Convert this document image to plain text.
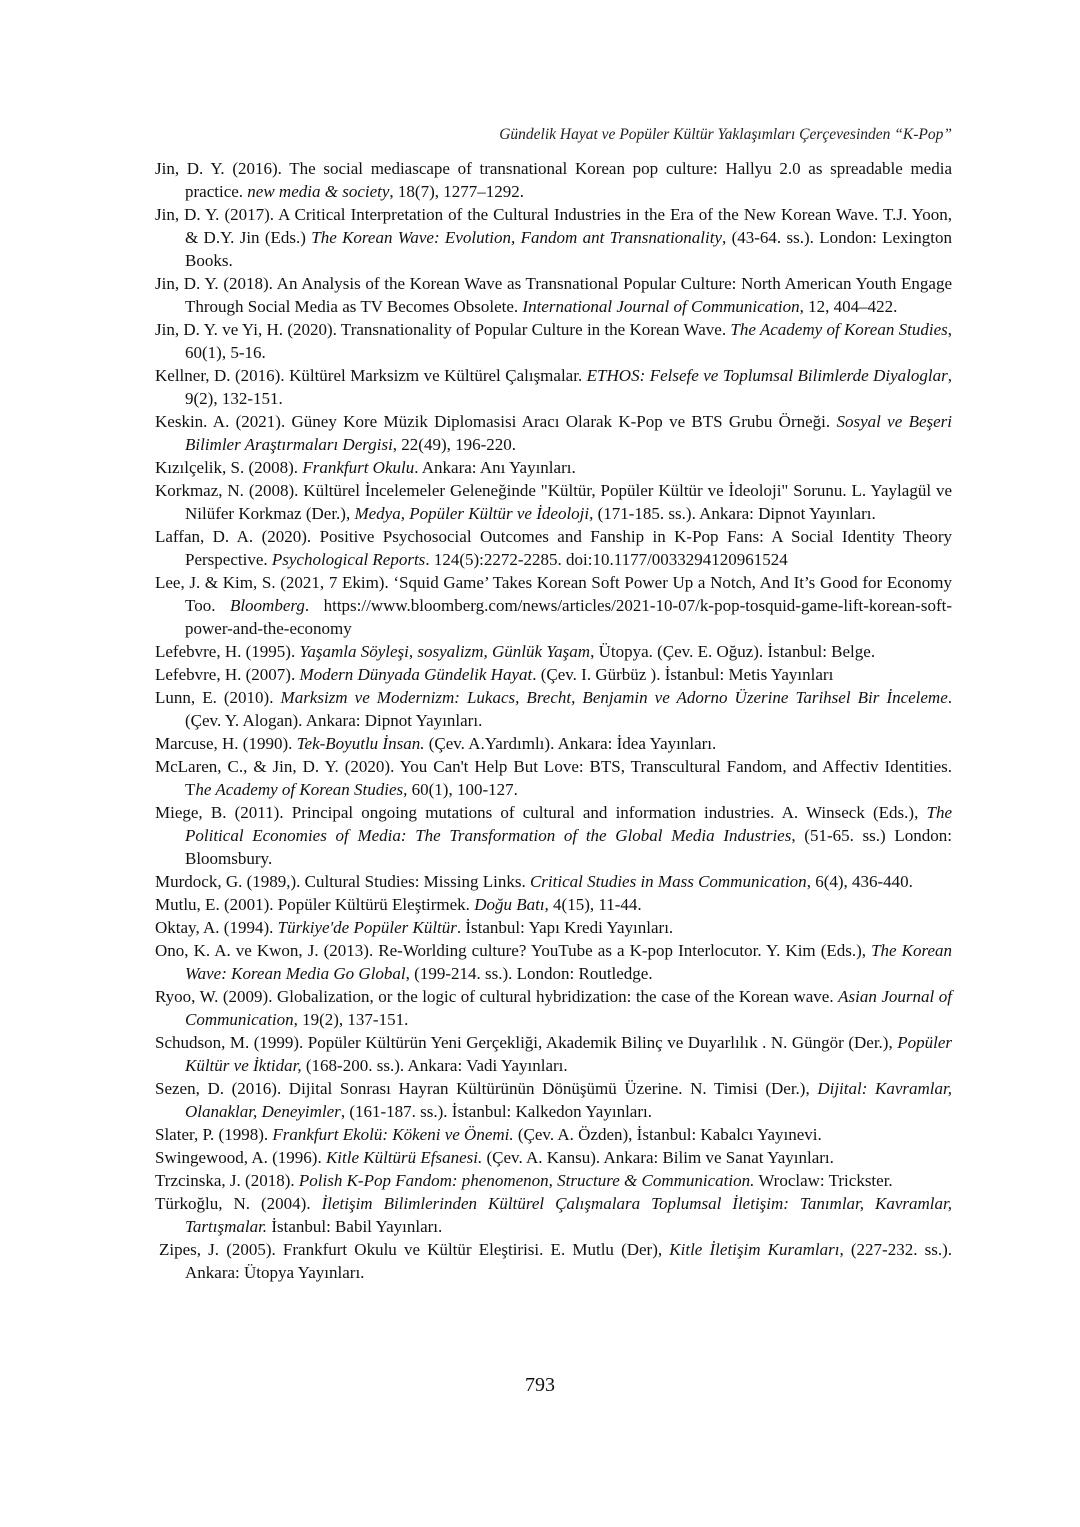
Gündelik Hayat ve Popüler Kültür Yaklaşımları Çerçevesinden “K-Pop”

Jin, D. Y. (2016). The social mediascape of transnational Korean pop culture: Hallyu 2.0 as spreadable media practice. new media & society, 18(7), 1277–1292.

Jin, D. Y. (2017). A Critical Interpretation of the Cultural Industries in the Era of the New Korean Wave. T.J. Yoon, & D.Y. Jin (Eds.) The Korean Wave: Evolution, Fandom ant Transnationality, (43-64. ss.). London: Lexington Books.

Jin, D. Y. (2018). An Analysis of the Korean Wave as Transnational Popular Culture: North American Youth Engage Through Social Media as TV Becomes Obsolete. International Journal of Communication, 12, 404–422.

Jin, D. Y. ve Yi, H. (2020). Transnationality of Popular Culture in the Korean Wave. The Academy of Korean Studies, 60(1), 5-16.

Kellner, D. (2016). Kültürel Marksizm ve Kültürel Çalışmalar. ETHOS: Felsefe ve Toplumsal Bilimlerde Diyaloglar, 9(2), 132-151.

Keskin. A. (2021). Güney Kore Müzik Diplomasisi Aracı Olarak K-Pop ve BTS Grubu Örneği. Sosyal ve Beşeri Bilimler Araştırmaları Dergisi, 22(49), 196-220.

Kızılçelik, S. (2008). Frankfurt Okulu. Ankara: Anı Yayınları.

Korkmaz, N. (2008). Kültürel İncelemeler Geleneğinde "Kültür, Popüler Kültür ve İdeoloji" Sorunu. L. Yaylagül ve Nilüfer Korkmaz (Der.), Medya, Popüler Kültür ve İdeoloji, (171-185. ss.). Ankara: Dipnot Yayınları.

Laffan, D. A. (2020). Positive Psychosocial Outcomes and Fanship in K-Pop Fans: A Social Identity Theory Perspective. Psychological Reports. 124(5):2272-2285. doi:10.1177/0033294120961524

Lee, J. & Kim, S. (2021, 7 Ekim). ‘Squid Game’ Takes Korean Soft Power Up a Notch, And It’s Good for Economy Too. Bloomberg. https://www.bloomberg.com/news/articles/2021-10-07/k-pop-tosquid-game-lift-korean-soft-power-and-the-economy

Lefebvre, H. (1995). Yaşamla Söyleşi, sosyalizm, Günlük Yaşam, Ütopya. (Çev. E. Oğuz). İstanbul: Belge.

Lefebvre, H. (2007). Modern Dünyada Gündelik Hayat. (Çev. I. Gürbüz ). İstanbul: Metis Yayınları

Lunn, E. (2010). Marksizm ve Modernizm: Lukacs, Brecht, Benjamin ve Adorno Üzerine Tarihsel Bir İnceleme. (Çev. Y. Alogan). Ankara: Dipnot Yayınları.

Marcuse, H. (1990). Tek-Boyutlu İnsan. (Çev. A.Yardımlı). Ankara: İdea Yayınları.

McLaren, C., & Jin, D. Y. (2020). You Can't Help But Love: BTS, Transcultural Fandom, and Affectiv Identities. The Academy of Korean Studies, 60(1), 100-127.

Miege, B. (2011). Principal ongoing mutations of cultural and information industries. A. Winseck (Eds.), The Political Economies of Media: The Transformation of the Global Media Industries, (51-65. ss.) London: Bloomsbury.

Murdock, G. (1989,). Cultural Studies: Missing Links. Critical Studies in Mass Communication, 6(4), 436-440.

Mutlu, E. (2001). Popüler Kültürü Eleştirmek. Doğu Batı, 4(15), 11-44.

Oktay, A. (1994). Türkiye'de Popüler Kültür. İstanbul: Yapı Kredi Yayınları.

Ono, K. A. ve Kwon, J. (2013). Re-Worlding culture? YouTube as a K-pop Interlocutor. Y. Kim (Eds.), The Korean Wave: Korean Media Go Global, (199-214. ss.). London: Routledge.

Ryoo, W. (2009). Globalization, or the logic of cultural hybridization: the case of the Korean wave. Asian Journal of Communication, 19(2), 137-151.

Schudson, M. (1999). Popüler Kültürün Yeni Gerçekliği, Akademik Bilinç ve Duyarlılık . N. Güngör (Der.), Popüler Kültür ve İktidar, (168-200. ss.). Ankara: Vadi Yayınları.

Sezen, D. (2016). Dijital Sonrası Hayran Kültürünün Dönüşümü Üzerine. N. Timisi (Der.), Dijital: Kavramlar, Olanaklar, Deneyimler, (161-187. ss.). İstanbul: Kalkedon Yayınları.

Slater, P. (1998). Frankfurt Ekolü: Kökeni ve Önemi. (Çev. A. Özden), İstanbul: Kabalcı Yayınevi.

Swingewood, A. (1996). Kitle Kültürü Efsanesi. (Çev. A. Kansu). Ankara: Bilim ve Sanat Yayınları.

Trzcinska, J. (2018). Polish K-Pop Fandom: phenomenon, Structure & Communication. Wroclaw: Trickster.

Türkoğlu, N. (2004). İletişim Bilimlerinden Kültürel Çalışmalara Toplumsal İletişim: Tanımlar, Kavramlar, Tartışmalar. İstanbul: Babil Yayınları.

Zipes, J. (2005). Frankfurt Okulu ve Kültür Eleştirisi. E. Mutlu (Der), Kitle İletişim Kuramları, (227-232. ss.). Ankara: Ütopya Yayınları.

793
